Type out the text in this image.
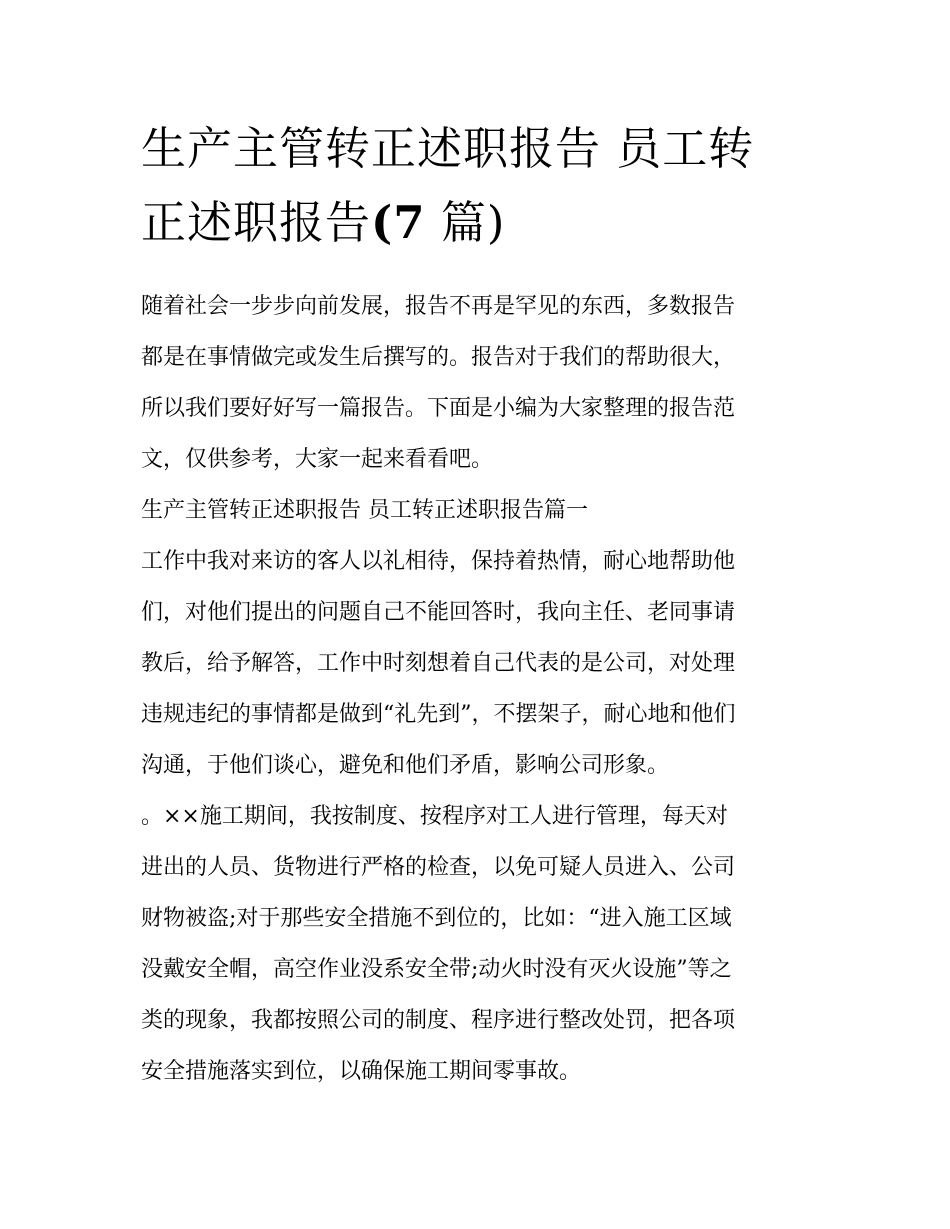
生产主管转正述职报告 员工转
正述职报告(7 篇)

随着社会一步步向前发展，报告不再是罕见的东西，多数报告
都是在事情做完或发生后撰写的。报告对于我们的帮助很大，
所以我们要好好写一篇报告。下面是小编为大家整理的报告范
文，仅供参考，大家一起来看看吧。

生产主管转正述职报告 员工转正述职报告篇一

工作中我对来访的客人以礼相待，保持着热情，耐心地帮助他
们，对他们提出的问题自己不能回答时，我向主任、老同事请
教后，给予解答，工作中时刻想着自己代表的是公司，对处理
违规违纪的事情都是做到“礼先到”，不摆架子，耐心地和他们
沟通，于他们谈心，避免和他们矛盾，影响公司形象。

。××施工期间，我按制度、按程序对工人进行管理，每天对
进出的人员、货物进行严格的检查，以免可疑人员进入、公司
财物被盗;对于那些安全措施不到位的，比如：“进入施工区域
没戴安全帽，高空作业没系安全带;动火时没有灭火设施”等之
类的现象，我都按照公司的制度、程序进行整改处罚，把各项
安全措施落实到位，以确保施工期间零事故。
